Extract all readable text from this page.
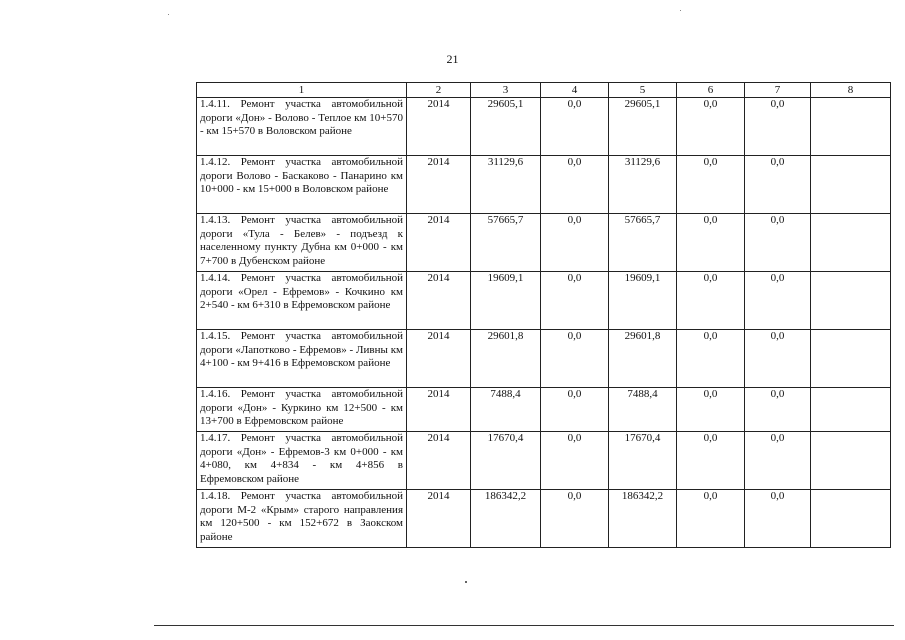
21
1	2	3	4	5	6	7	8
1.4.11. Ремонт участка автомобильной дороги «Дон» - Волово - Теплое км 10+570 - км 15+570 в Воловском районе	2014	29605,1	0,0	29605,1	0,0	0,0	
1.4.12. Ремонт участка автомобильной дороги Волово - Баскаково - Панарино км 10+000 - км 15+000 в Воловском районе	2014	31129,6	0,0	31129,6	0,0	0,0	
1.4.13. Ремонт участка автомобильной дороги «Тула - Белев» - подъезд к населенному пункту Дубна км 0+000 - км 7+700 в Дубенском районе	2014	57665,7	0,0	57665,7	0,0	0,0	
1.4.14. Ремонт участка автомобильной дороги «Орел - Ефремов» - Кочкино км 2+540 - км 6+310 в Ефремовском районе	2014	19609,1	0,0	19609,1	0,0	0,0	
1.4.15. Ремонт участка автомобильной дороги «Лапотково - Ефремов» - Ливны км 4+100 - км 9+416 в Ефремовском районе	2014	29601,8	0,0	29601,8	0,0	0,0	
1.4.16. Ремонт участка автомобильной дороги «Дон» - Куркино км 12+500 - км 13+700 в Ефремовском районе	2014	7488,4	0,0	7488,4	0,0	0,0	
1.4.17. Ремонт участка автомобильной дороги «Дон» - Ефремов-3 км 0+000 - км 4+080, км 4+834 - км 4+856 в Ефремовском районе	2014	17670,4	0,0	17670,4	0,0	0,0	
1.4.18. Ремонт участка автомобильной дороги М-2 «Крым» старого направления км 120+500 - км 152+672 в Заокском районе	2014	186342,2	0,0	186342,2	0,0	0,0	
